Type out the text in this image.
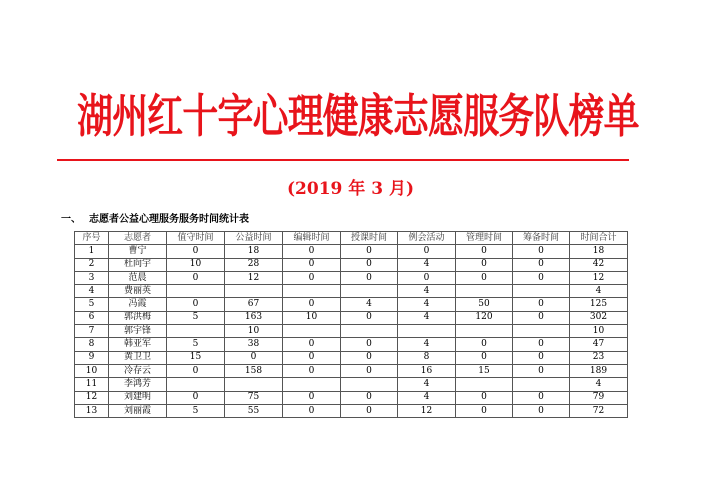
湖州红十字心理健康志愿服务队榜单
(2019 年 3 月)
一、 志愿者公益心理服务服务时间统计表
序号	志愿者	值守时间	公益时间	编辑时间	授课时间	例会活动	管理时间	筹备时间	时间合计
1	曹宁	0	18	0	0	0	0	0	18
2	杜向宇	10	28	0	0	4	0	0	42
3	范晨	0	12	0	0	0	0	0	12
4	费丽英					4			4
5	冯霞	0	67	0	4	4	50	0	125
6	郭洪梅	5	163	10	0	4	120	0	302
7	郭宇锋		10						10
8	韩亚军	5	38	0	0	4	0	0	47
9	黄卫卫	15	0	0	0	8	0	0	23
10	冷存云	0	158	0	0	16	15	0	189
11	李鸿芳					4			4
12	刘建明	0	75	0	0	4	0	0	79
13	刘丽霞	5	55	0	0	12	0	0	72
